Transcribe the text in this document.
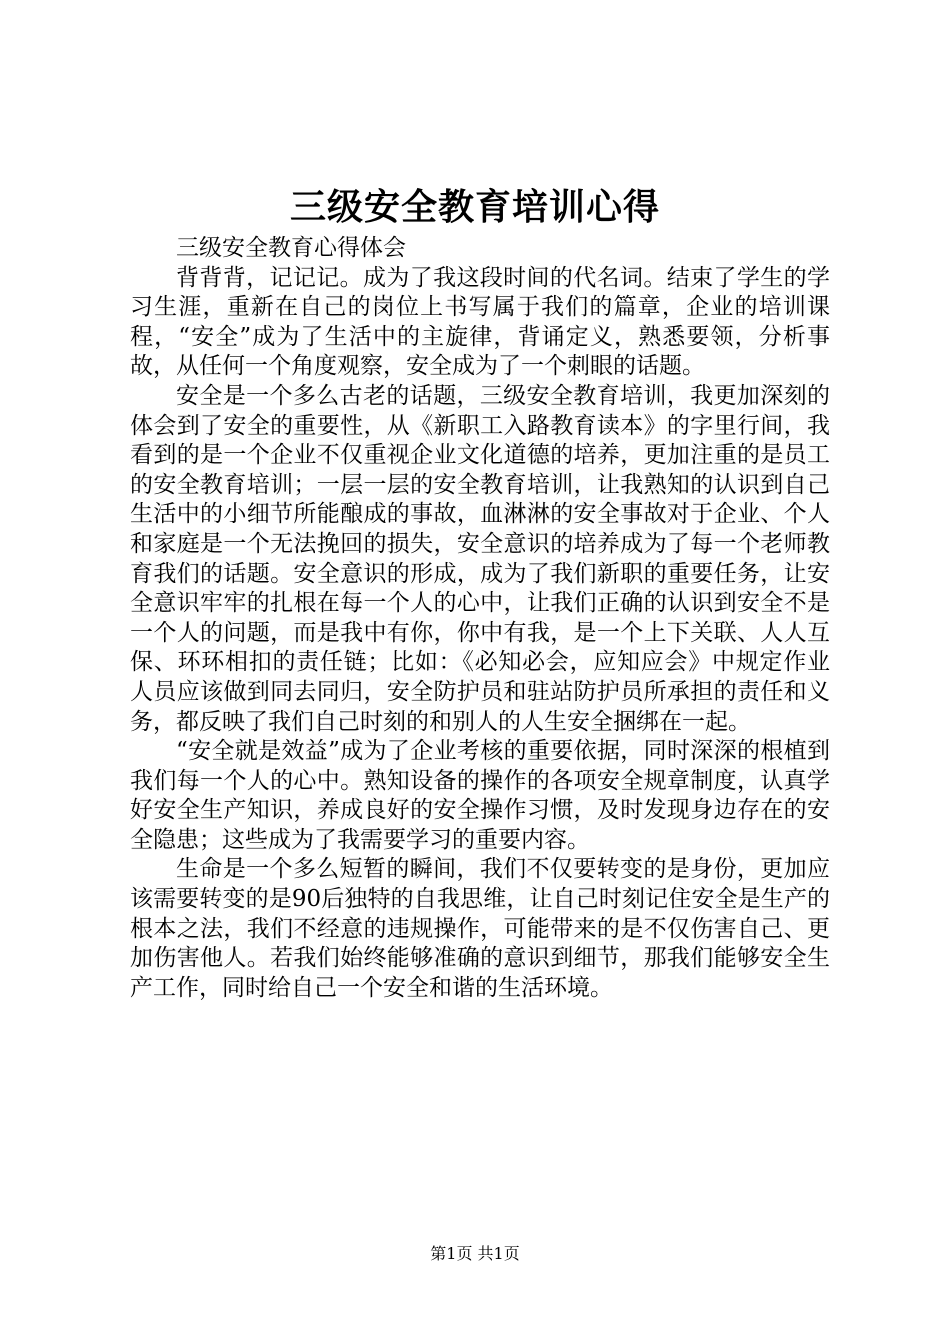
三级安全教育培训心得

三级安全教育心得体会

背背背，记记记。成为了我这段时间的代名词。结束了学生的学习生涯，重新在自己的岗位上书写属于我们的篇章，企业的培训课程，“安全”成为了生活中的主旋律，背诵定义，熟悉要领，分析事故，从任何一个角度观察，安全成为了一个刺眼的话题。

安全是一个多么古老的话题，三级安全教育培训，我更加深刻的体会到了安全的重要性，从《新职工入路教育读本》的字里行间，我看到的是一个企业不仅重视企业文化道德的培养，更加注重的是员工的安全教育培训；一层一层的安全教育培训，让我熟知的认识到自己生活中的小细节所能酿成的事故，血淋淋的安全事故对于企业、个人和家庭是一个无法挽回的损失，安全意识的培养成为了每一个老师教育我们的话题。安全意识的形成，成为了我们新职的重要任务，让安全意识牢牢的扎根在每一个人的心中，让我们正确的认识到安全不是一个人的问题，而是我中有你，你中有我，是一个上下关联、人人互保、环环相扣的责任链；比如：《必知必会，应知应会》中规定作业人员应该做到同去同归，安全防护员和驻站防护员所承担的责任和义务，都反映了我们自己时刻的和别人的人生安全捆绑在一起。

“安全就是效益”成为了企业考核的重要依据，同时深深的根植到我们每一个人的心中。熟知设备的操作的各项安全规章制度，认真学好安全生产知识，养成良好的安全操作习惯，及时发现身边存在的安全隐患；这些成为了我需要学习的重要内容。

生命是一个多么短暂的瞬间，我们不仅要转变的是身份，更加应该需要转变的是90后独特的自我思维，让自己时刻记住安全是生产的根本之法，我们不经意的违规操作，可能带来的是不仅伤害自己、更加伤害他人。若我们始终能够准确的意识到细节，那我们能够安全生产工作，同时给自己一个安全和谐的生活环境。

第1页 共1页
